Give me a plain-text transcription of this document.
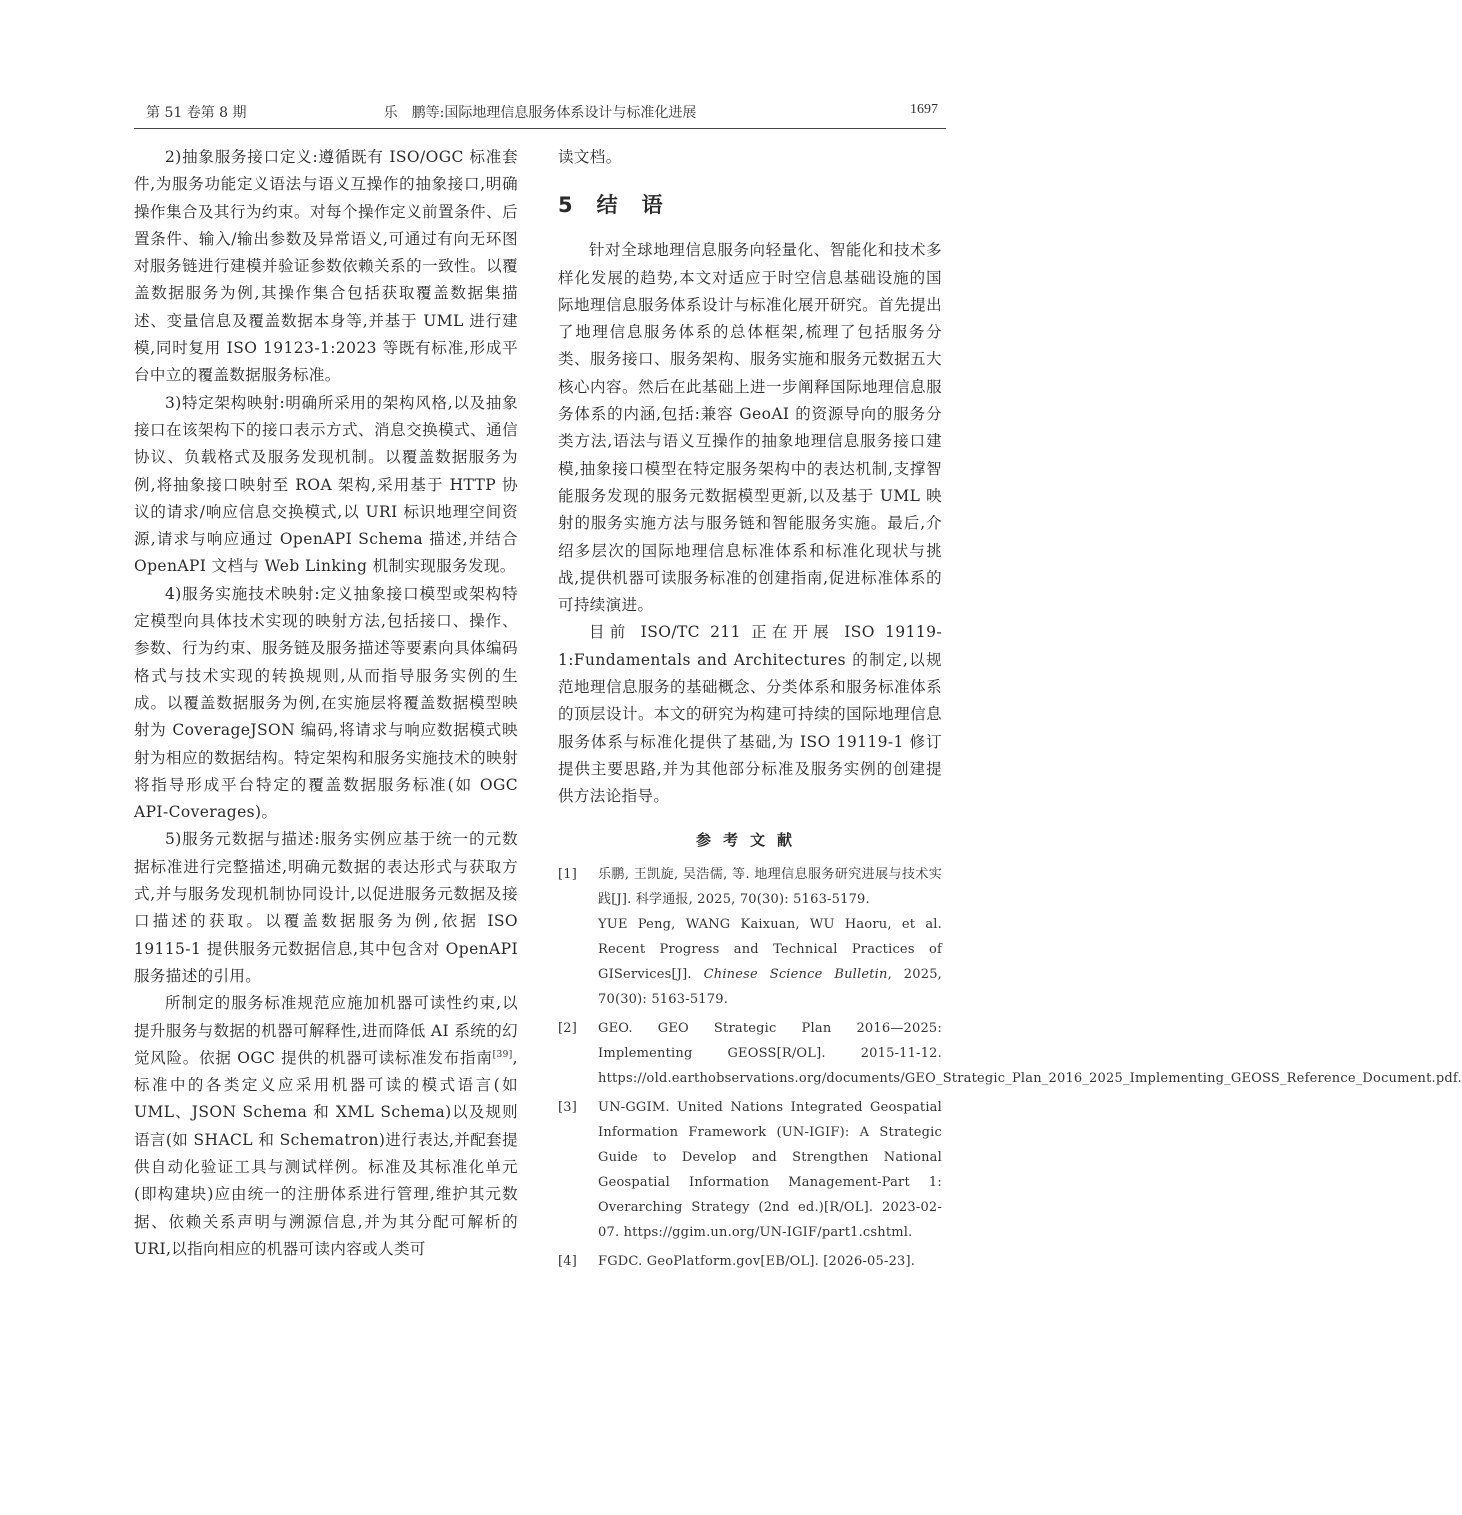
第 51 卷第 8 期	乐　鹏等:国际地理信息服务体系设计与标准化进展	1697

2)抽象服务接口定义:遵循既有 ISO/OGC 标准套件,为服务功能定义语法与语义互操作的抽象接口,明确操作集合及其行为约束。对每个操作定义前置条件、后置条件、输入/输出参数及异常语义,可通过有向无环图对服务链进行建模并验证参数依赖关系的一致性。以覆盖数据服务为例,其操作集合包括获取覆盖数据集描述、变量信息及覆盖数据本身等,并基于 UML 进行建模,同时复用 ISO 19123-1:2023 等既有标准,形成平台中立的覆盖数据服务标准。

3)特定架构映射:明确所采用的架构风格,以及抽象接口在该架构下的接口表示方式、消息交换模式、通信协议、负载格式及服务发现机制。以覆盖数据服务为例,将抽象接口映射至 ROA 架构,采用基于 HTTP 协议的请求/响应信息交换模式,以 URI 标识地理空间资源,请求与响应通过 OpenAPI Schema 描述,并结合 OpenAPI 文档与 Web Linking 机制实现服务发现。

4)服务实施技术映射:定义抽象接口模型或架构特定模型向具体技术实现的映射方法,包括接口、操作、参数、行为约束、服务链及服务描述等要素向具体编码格式与技术实现的转换规则,从而指导服务实例的生成。以覆盖数据服务为例,在实施层将覆盖数据模型映射为 CoverageJSON 编码,将请求与响应数据模式映射为相应的数据结构。特定架构和服务实施技术的映射将指导形成平台特定的覆盖数据服务标准(如 OGC API-Coverages)。

5)服务元数据与描述:服务实例应基于统一的元数据标准进行完整描述,明确元数据的表达形式与获取方式,并与服务发现机制协同设计,以促进服务元数据及接口描述的获取。以覆盖数据服务为例,依据 ISO 19115-1 提供服务元数据信息,其中包含对 OpenAPI 服务描述的引用。

所制定的服务标准规范应施加机器可读性约束,以提升服务与数据的机器可解释性,进而降低 AI 系统的幻觉风险。依据 OGC 提供的机器可读标准发布指南[39],标准中的各类定义应采用机器可读的模式语言(如 UML、JSON Schema 和 XML Schema)以及规则语言(如 SHACL 和 Schematron)进行表达,并配套提供自动化验证工具与测试样例。标准及其标准化单元(即构建块)应由统一的注册体系进行管理,维护其元数据、依赖关系声明与溯源信息,并为其分配可解析的 URI,以指向相应的机器可读内容或人类可

读文档。

5 结 语

针对全球地理信息服务向轻量化、智能化和技术多样化发展的趋势,本文对适应于时空信息基础设施的国际地理信息服务体系设计与标准化展开研究。首先提出了地理信息服务体系的总体框架,梳理了包括服务分类、服务接口、服务架构、服务实施和服务元数据五大核心内容。然后在此基础上进一步阐释国际地理信息服务体系的内涵,包括:兼容 GeoAI 的资源导向的服务分类方法,语法与语义互操作的抽象地理信息服务接口建模,抽象接口模型在特定服务架构中的表达机制,支撑智能服务发现的服务元数据模型更新,以及基于 UML 映射的服务实施方法与服务链和智能服务实施。最后,介绍多层次的国际地理信息标准体系和标准化现状与挑战,提供机器可读服务标准的创建指南,促进标准体系的可持续演进。

目前 ISO/TC 211 正在开展 ISO 19119-1:Fundamentals and Architectures 的制定,以规范地理信息服务的基础概念、分类体系和服务标准体系的顶层设计。本文的研究为构建可持续的国际地理信息服务体系与标准化提供了基础,为 ISO 19119-1 修订提供主要思路,并为其他部分标准及服务实例的创建提供方法论指导。

参考文献
[1] 乐鹏, 王凯旋, 吴浩儒, 等. 地理信息服务研究进展与技术实践[J]. 科学通报, 2025, 70(30): 5163-5179.
YUE Peng, WANG Kaixuan, WU Haoru, et al. Recent Progress and Technical Practices of GIServices[J]. Chinese Science Bulletin, 2025, 70(30): 5163-5179.
[2] GEO. GEO Strategic Plan 2016—2025: Implementing GEOSS[R/OL]. 2015-11-12. https://old.earthobservations.org/documents/GEO_Strategic_Plan_2016_2025_Implementing_GEOSS_Reference_Document.pdf.
[3] UN-GGIM. United Nations Integrated Geospatial Information Framework (UN-IGIF): A Strategic Guide to Develop and Strengthen National Geospatial Information Management-Part 1: Overarching Strategy (2nd ed.)[R/OL]. 2023-02-07. https://ggim.un.org/UN-IGIF/part1.cshtml.
[4] FGDC. GeoPlatform.gov[EB/OL]. [2026-05-23].
